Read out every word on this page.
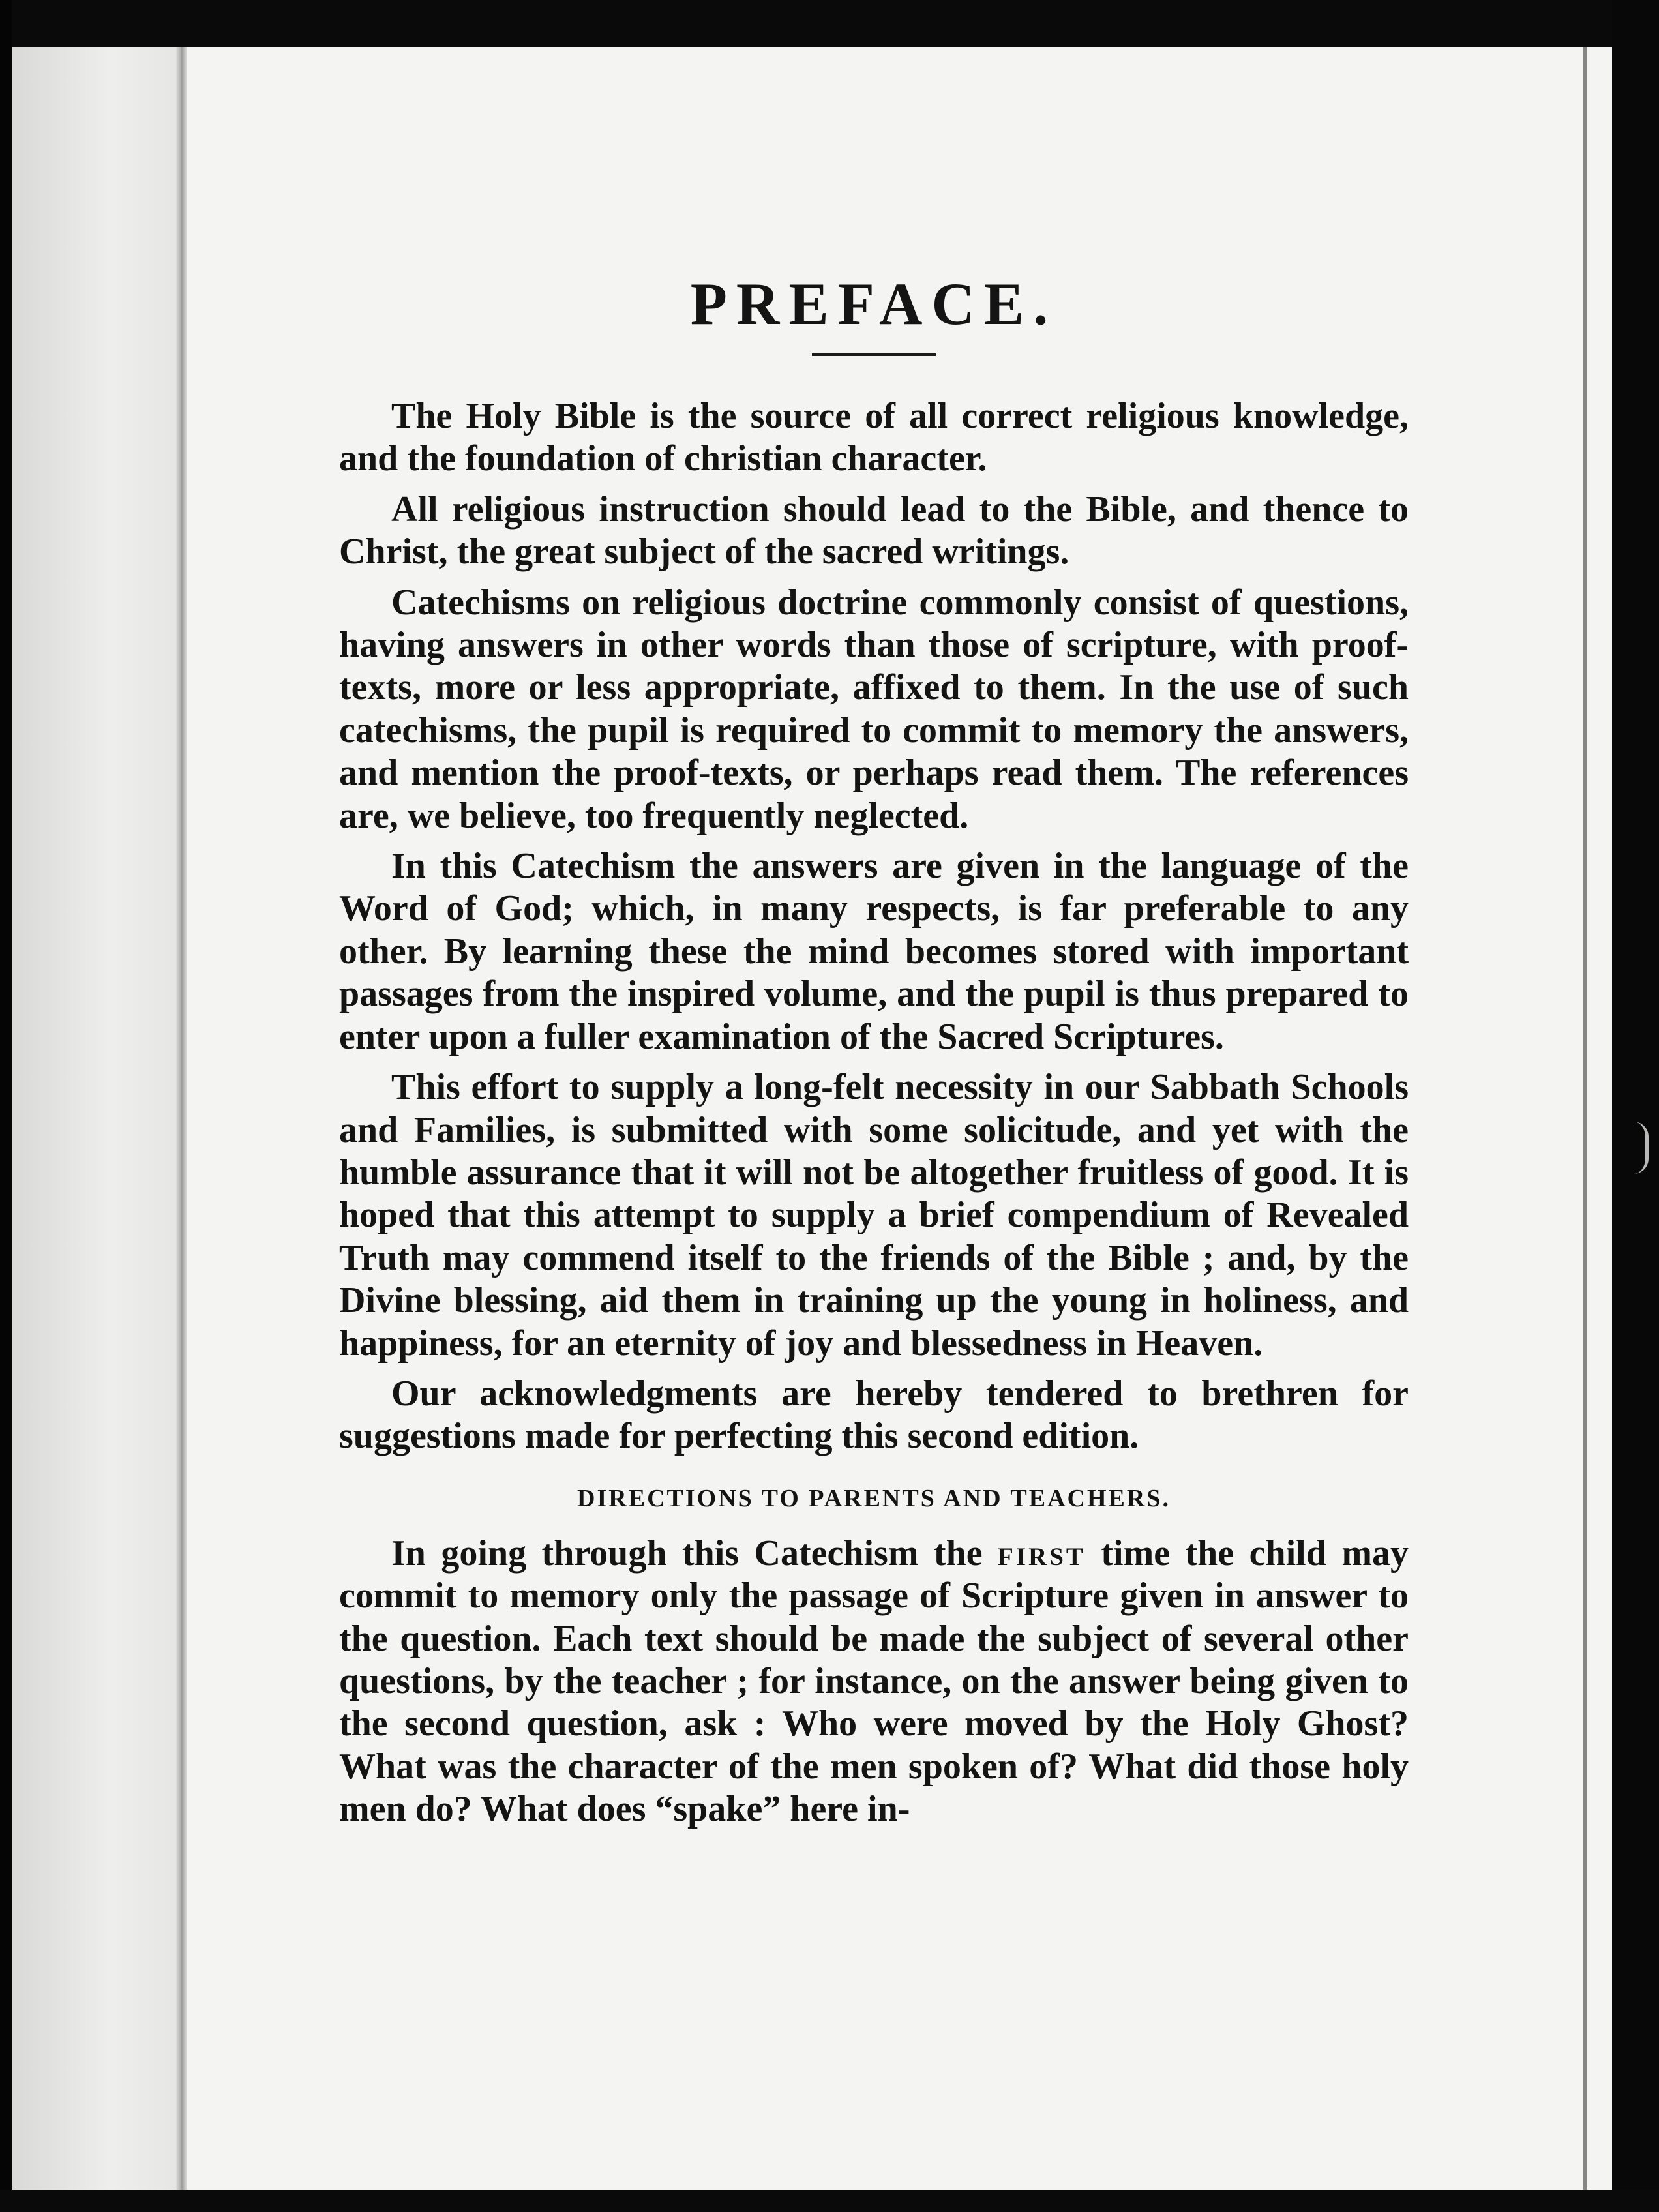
PREFACE.

The Holy Bible is the source of all correct religious knowledge, and the foundation of christian character.

All religious instruction should lead to the Bible, and thence to Christ, the great subject of the sacred writings.

Catechisms on religious doctrine commonly consist of questions, having answers in other words than those of scripture, with proof-texts, more or less appropriate, affixed to them. In the use of such catechisms, the pupil is required to commit to memory the answers, and mention the proof-texts, or perhaps read them. The references are, we believe, too frequently neglected.

In this Catechism the answers are given in the language of the Word of God; which, in many respects, is far preferable to any other. By learning these the mind becomes stored with important passages from the inspired volume, and the pupil is thus prepared to enter upon a fuller examination of the Sacred Scriptures.

This effort to supply a long-felt necessity in our Sabbath Schools and Families, is submitted with some solicitude, and yet with the humble assurance that it will not be altogether fruitless of good. It is hoped that this attempt to supply a brief compendium of Revealed Truth may commend itself to the friends of the Bible ; and, by the Divine blessing, aid them in training up the young in holiness, and happiness, for an eternity of joy and blessedness in Heaven.

Our acknowledgments are hereby tendered to brethren for suggestions made for perfecting this second edition.

DIRECTIONS TO PARENTS AND TEACHERS.

In going through this Catechism the first time the child may commit to memory only the passage of Scripture given in answer to the question. Each text should be made the subject of several other questions, by the teacher ; for instance, on the answer being given to the second question, ask : Who were moved by the Holy Ghost? What was the character of the men spoken of? What did those holy men do? What does “spake” here in-
